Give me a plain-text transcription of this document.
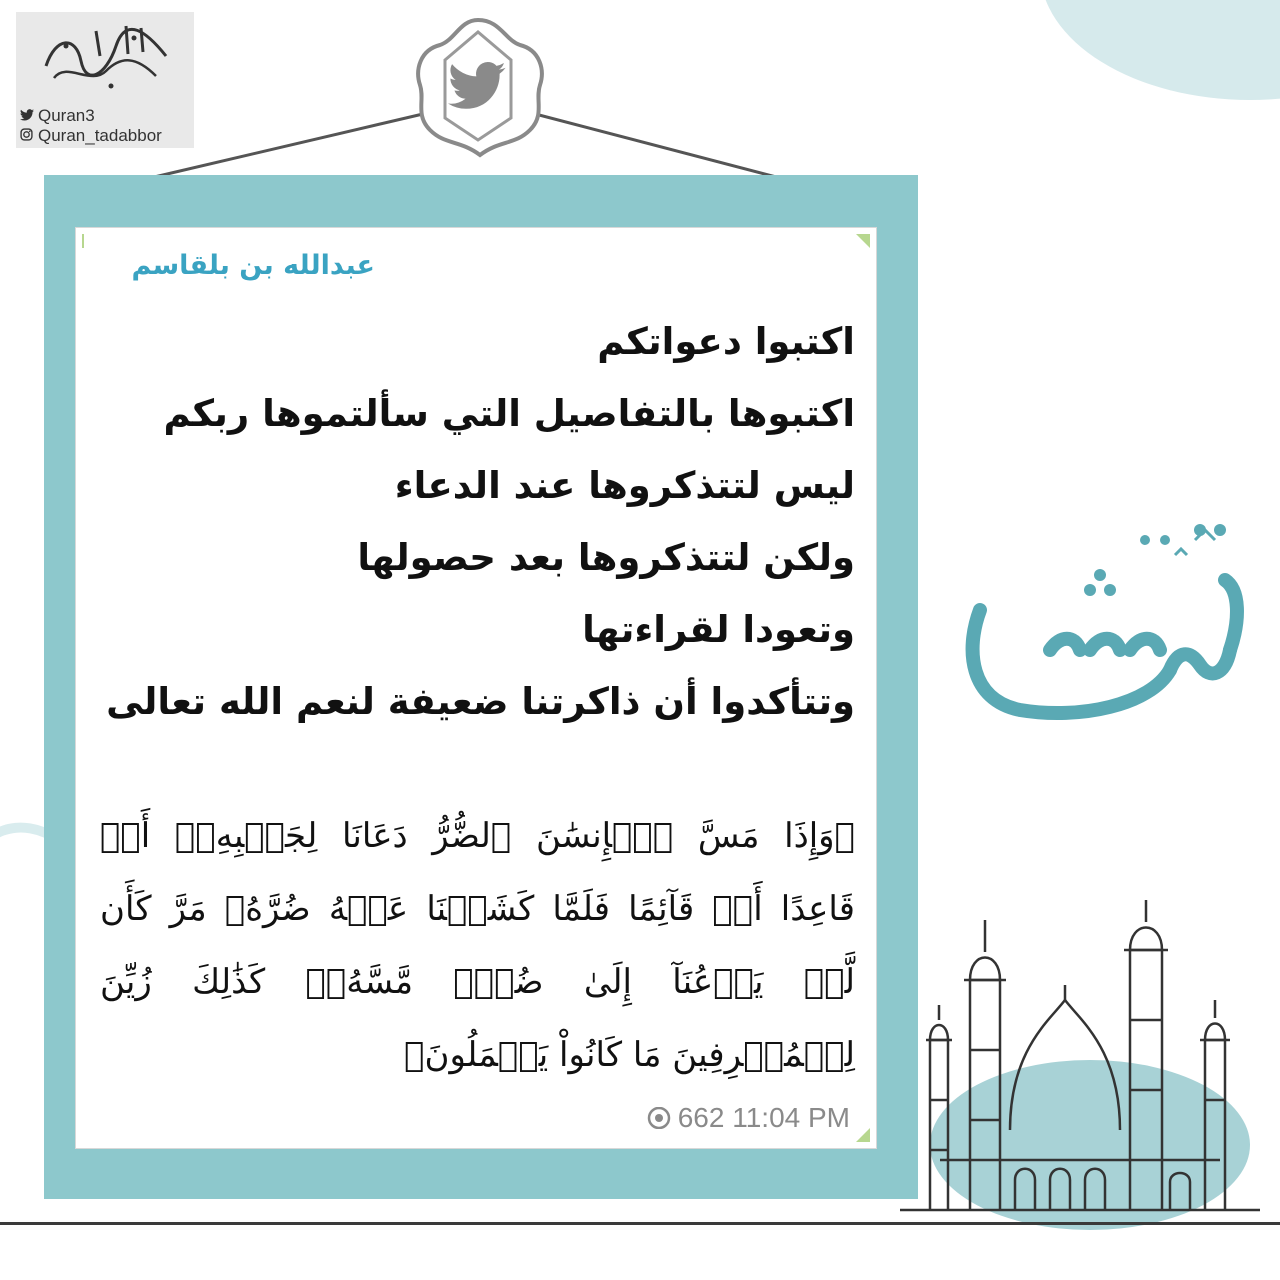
Quran3
Quran_tadabbor
عبدالله بن بلقاسم
اكتبوا دعواتكم
اكتبوها بالتفاصيل التي سألتموها ربكم
ليس لتتذكروها عند الدعاء
ولكن لتتذكروها بعد حصولها
وتعودا لقراءتها
وتتأكدوا أن ذاكرتنا ضعيفة لنعم الله تعالى
﴿وَإِذَا مَسَّ ٱلۡإِنسَٰنَ ٱلضُّرُّ دَعَانَا لِجَنۢبِهِۦٓ أَوۡ قَاعِدًا أَوۡ قَآئِمًا فَلَمَّا كَشَفۡنَا عَنۡهُ ضُرَّهُۥ مَرَّ كَأَن لَّمۡ يَدۡعُنَآ إِلَىٰ ضُرّٖ مَّسَّهُۥۚ كَذَٰلِكَ زُيِّنَ لِلۡمُسۡرِفِينَ مَا كَانُواْ يَعۡمَلُونَ﴾
662 11:04 PM
